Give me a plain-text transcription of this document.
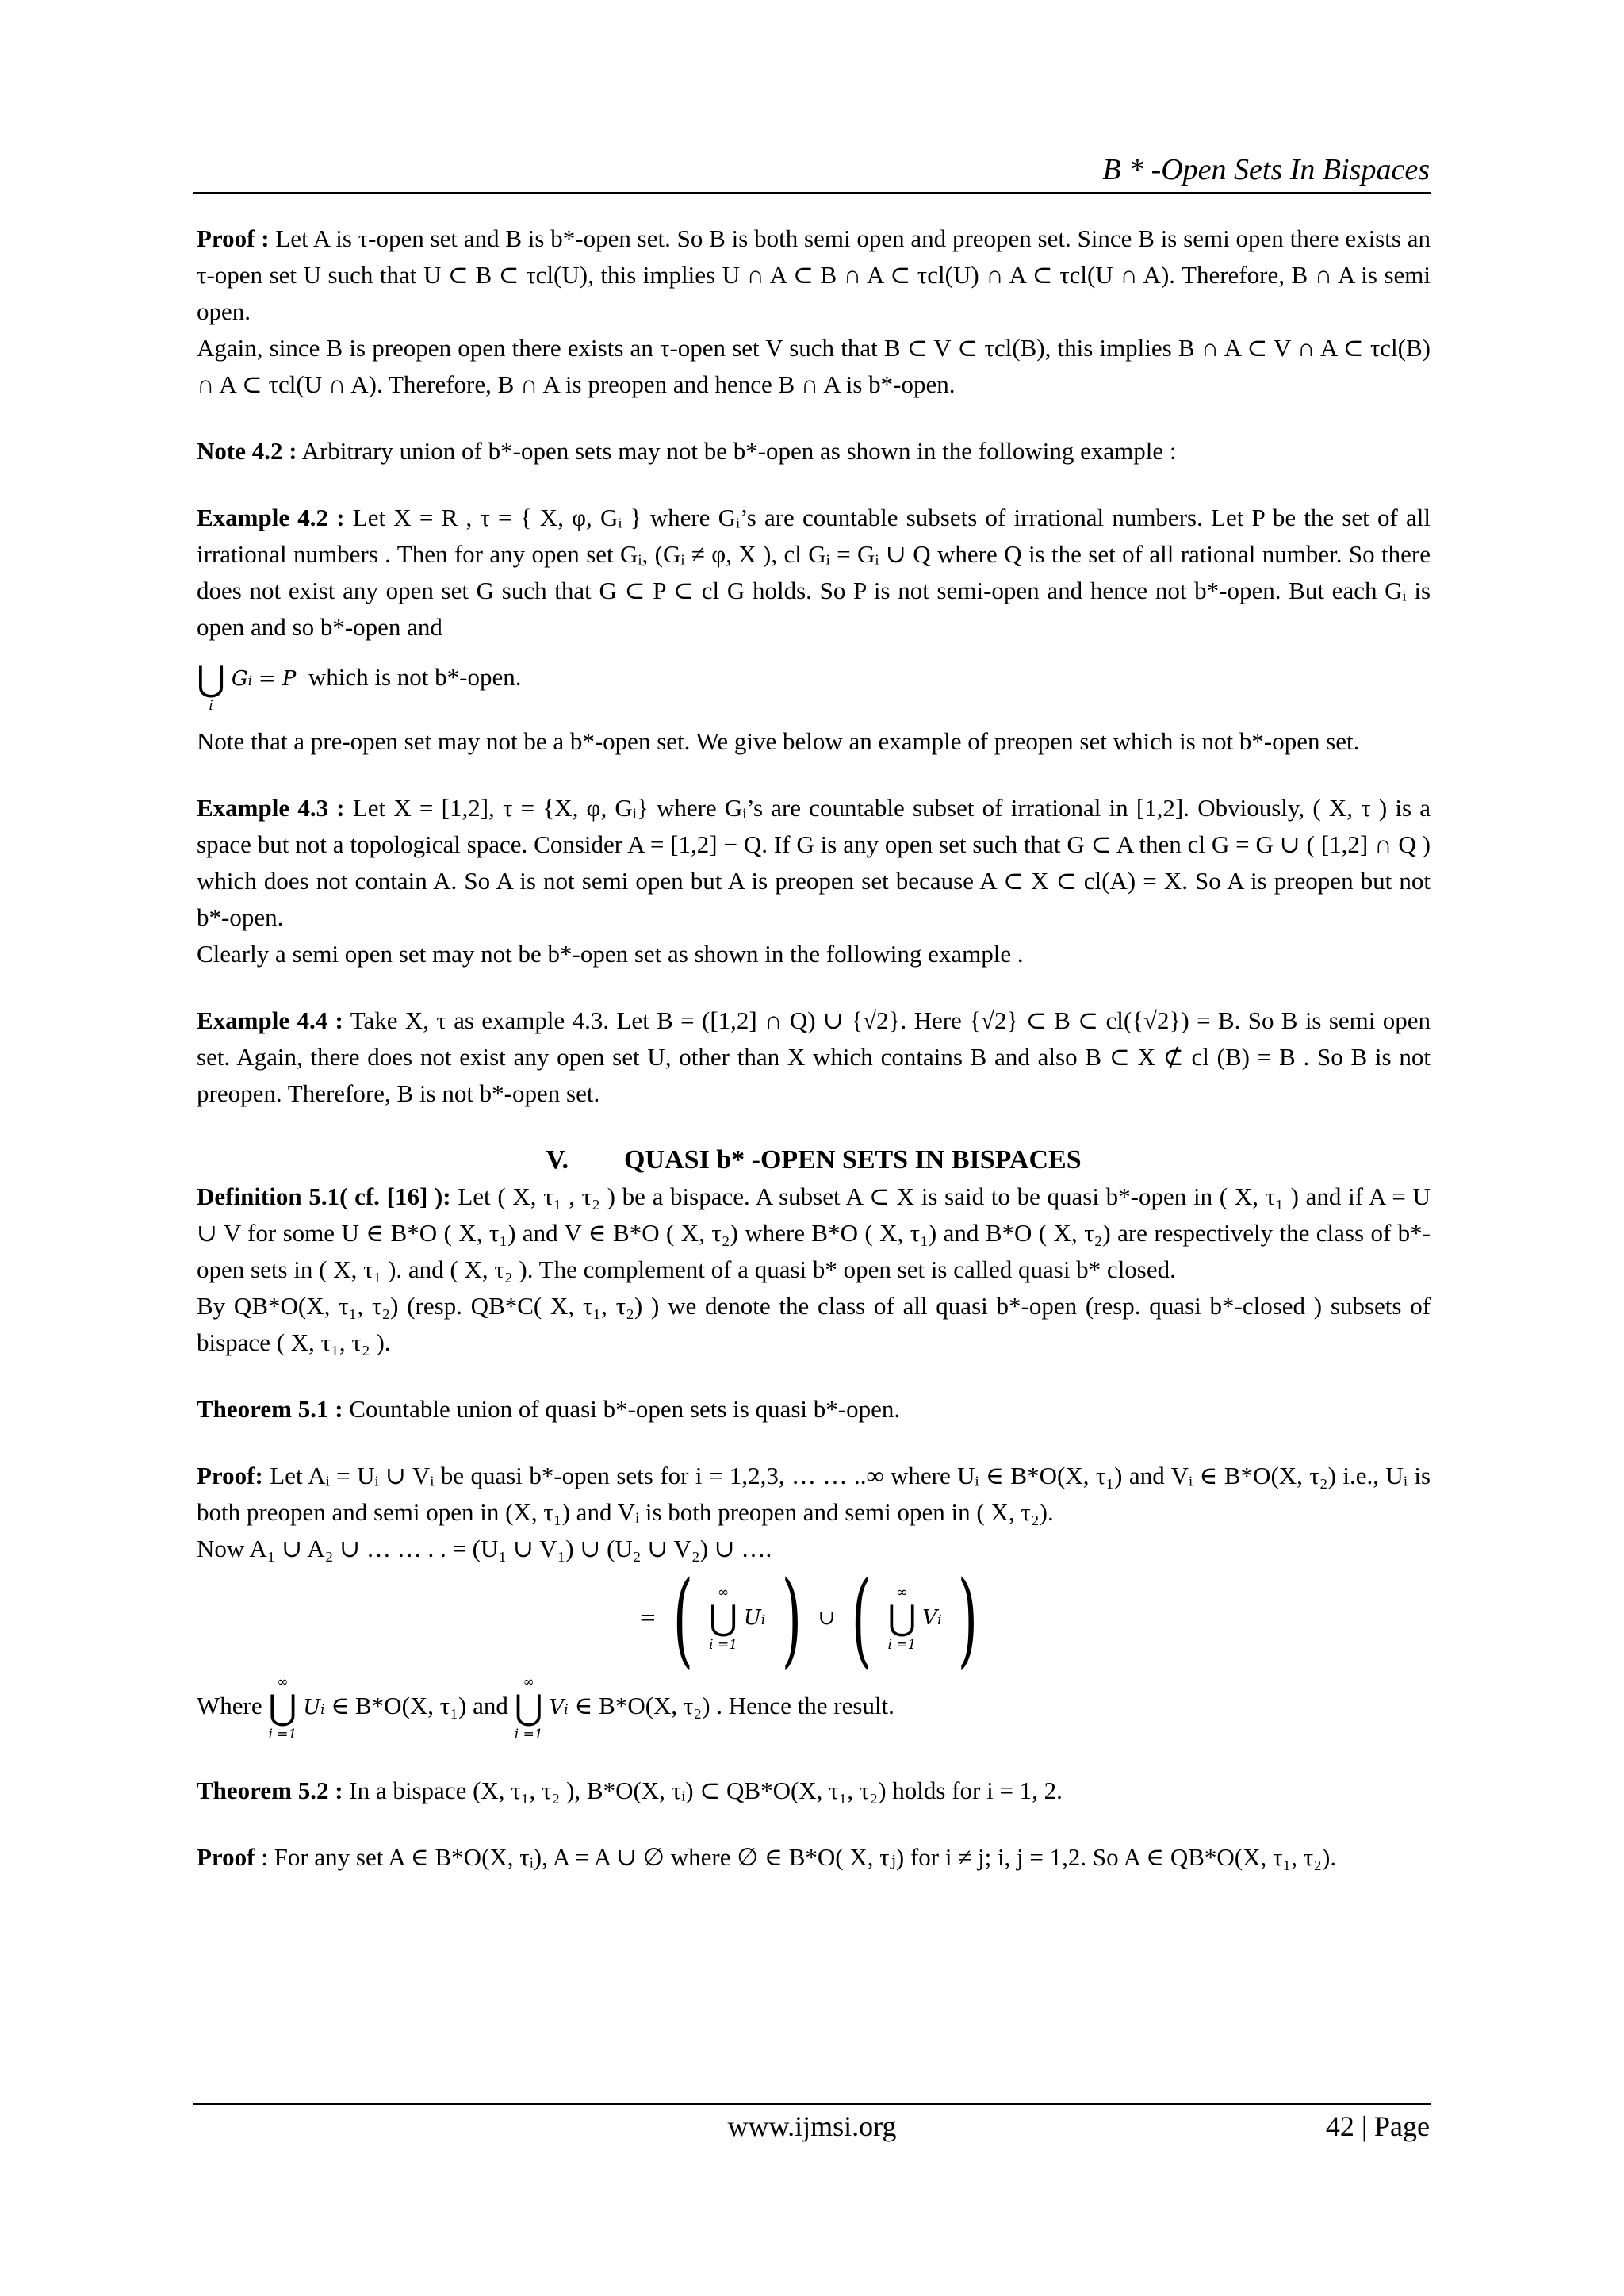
B * -Open Sets In Bispaces

Proof : Let A is τ-open set and B is b*-open set. So B is both semi open and preopen set. Since B is semi open there exists an τ-open set U such that U ⊂ B ⊂ τcl(U), this implies U ∩ A ⊂ B ∩ A ⊂ τcl(U) ∩ A ⊂ τcl(U ∩ A). Therefore, B ∩ A is semi open.

Again, since B is preopen open there exists an τ-open set V such that B ⊂ V ⊂ τcl(B), this implies B ∩ A ⊂ V ∩ A ⊂ τcl(B) ∩ A ⊂ τcl(U ∩ A). Therefore, B ∩ A is preopen and hence B ∩ A is b*-open.

Note 4.2 : Arbitrary union of b*-open sets may not be b*-open as shown in the following example :

Example 4.2 : Let X = R , τ = { X, φ, Gᵢ } where Gᵢ’s are countable subsets of irrational numbers. Let P be the set of all irrational numbers . Then for any open set Gᵢ, (Gᵢ ≠ φ, X ), cl Gᵢ = Gᵢ ∪ Q where Q is the set of all rational number. So there does not exist any open set G such that G ⊂ P ⊂ cl G holds. So P is not semi-open and hence not b*-open. But each Gᵢ is open and so b*-open and

⋃
i
Gi = P which is not b*-open.

Note that a pre-open set may not be a b*-open set. We give below an example of preopen set which is not b*-open set.

Example 4.3 : Let X = [1,2], τ = {X, φ, Gᵢ} where Gᵢ’s are countable subset of irrational in [1,2]. Obviously, ( X, τ ) is a space but not a topological space. Consider A = [1,2] − Q. If G is any open set such that G ⊂ A then cl G = G ∪ ( [1,2] ∩ Q ) which does not contain A. So A is not semi open but A is preopen set because A ⊂ X ⊂ cl(A) = X. So A is preopen but not b*-open.

Clearly a semi open set may not be b*-open set as shown in the following example .

Example 4.4 : Take X, τ as example 4.3. Let B = ([1,2] ∩ Q) ∪ {√2}. Here {√2} ⊂ B ⊂ cl({√2}) = B. So B is semi open set. Again, there does not exist any open set U, other than X which contains B and also B ⊂ X ⊄ cl (B) = B . So B is not preopen. Therefore, B is not b*-open set.

V. QUASI b* -OPEN SETS IN BISPACES

Definition 5.1( cf. [16] ): Let ( X, τ₁ , τ₂ ) be a bispace. A subset A ⊂ X is said to be quasi b*-open in ( X, τ₁ ) and if A = U ∪ V for some U ∈ B*O ( X, τ₁) and V ∈ B*O ( X, τ₂) where B*O ( X, τ₁) and B*O ( X, τ₂) are respectively the class of b*-open sets in ( X, τ₁ ). and ( X, τ₂ ). The complement of a quasi b* open set is called quasi b* closed.

By QB*O(X, τ₁, τ₂) (resp. QB*C( X, τ₁, τ₂) ) we denote the class of all quasi b*-open (resp. quasi b*-closed ) subsets of bispace ( X, τ₁, τ₂ ).

Theorem 5.1 : Countable union of quasi b*-open sets is quasi b*-open.

Proof: Let Aᵢ = Uᵢ ∪ Vᵢ be quasi b*-open sets for i = 1,2,3, … … ..∞ where Uᵢ ∈ B*O(X, τ₁) and Vᵢ ∈ B*O(X, τ₂) i.e., Uᵢ is both preopen and semi open in (X, τ₁) and Vᵢ is both preopen and semi open in ( X, τ₂).

Now A₁ ∪ A₂ ∪ … … . . = (U₁ ∪ V₁) ∪ (U₂ ∪ V₂) ∪ ….

= (	∞
⋃
i =1
Ui ) ∪ (	∞
⋃
i =1
Vi )

Where
∞
⋃
i =1
Ui ∈ B*O(X, τ₁) and
∞
⋃
i =1
Vi ∈ B*O(X, τ₂) . Hence the result.

Theorem 5.2 : In a bispace (X, τ₁, τ₂ ), B*O(X, τᵢ) ⊂ QB*O(X, τ₁, τ₂) holds for i = 1, 2.

Proof : For any set A ∈ B*O(X, τᵢ), A = A ∪ ∅ where ∅ ∈ B*O( X, τⱼ) for i ≠ j; i, j = 1,2. So A ∈ QB*O(X, τ₁, τ₂).

www.ijmsi.org	42 | Page
